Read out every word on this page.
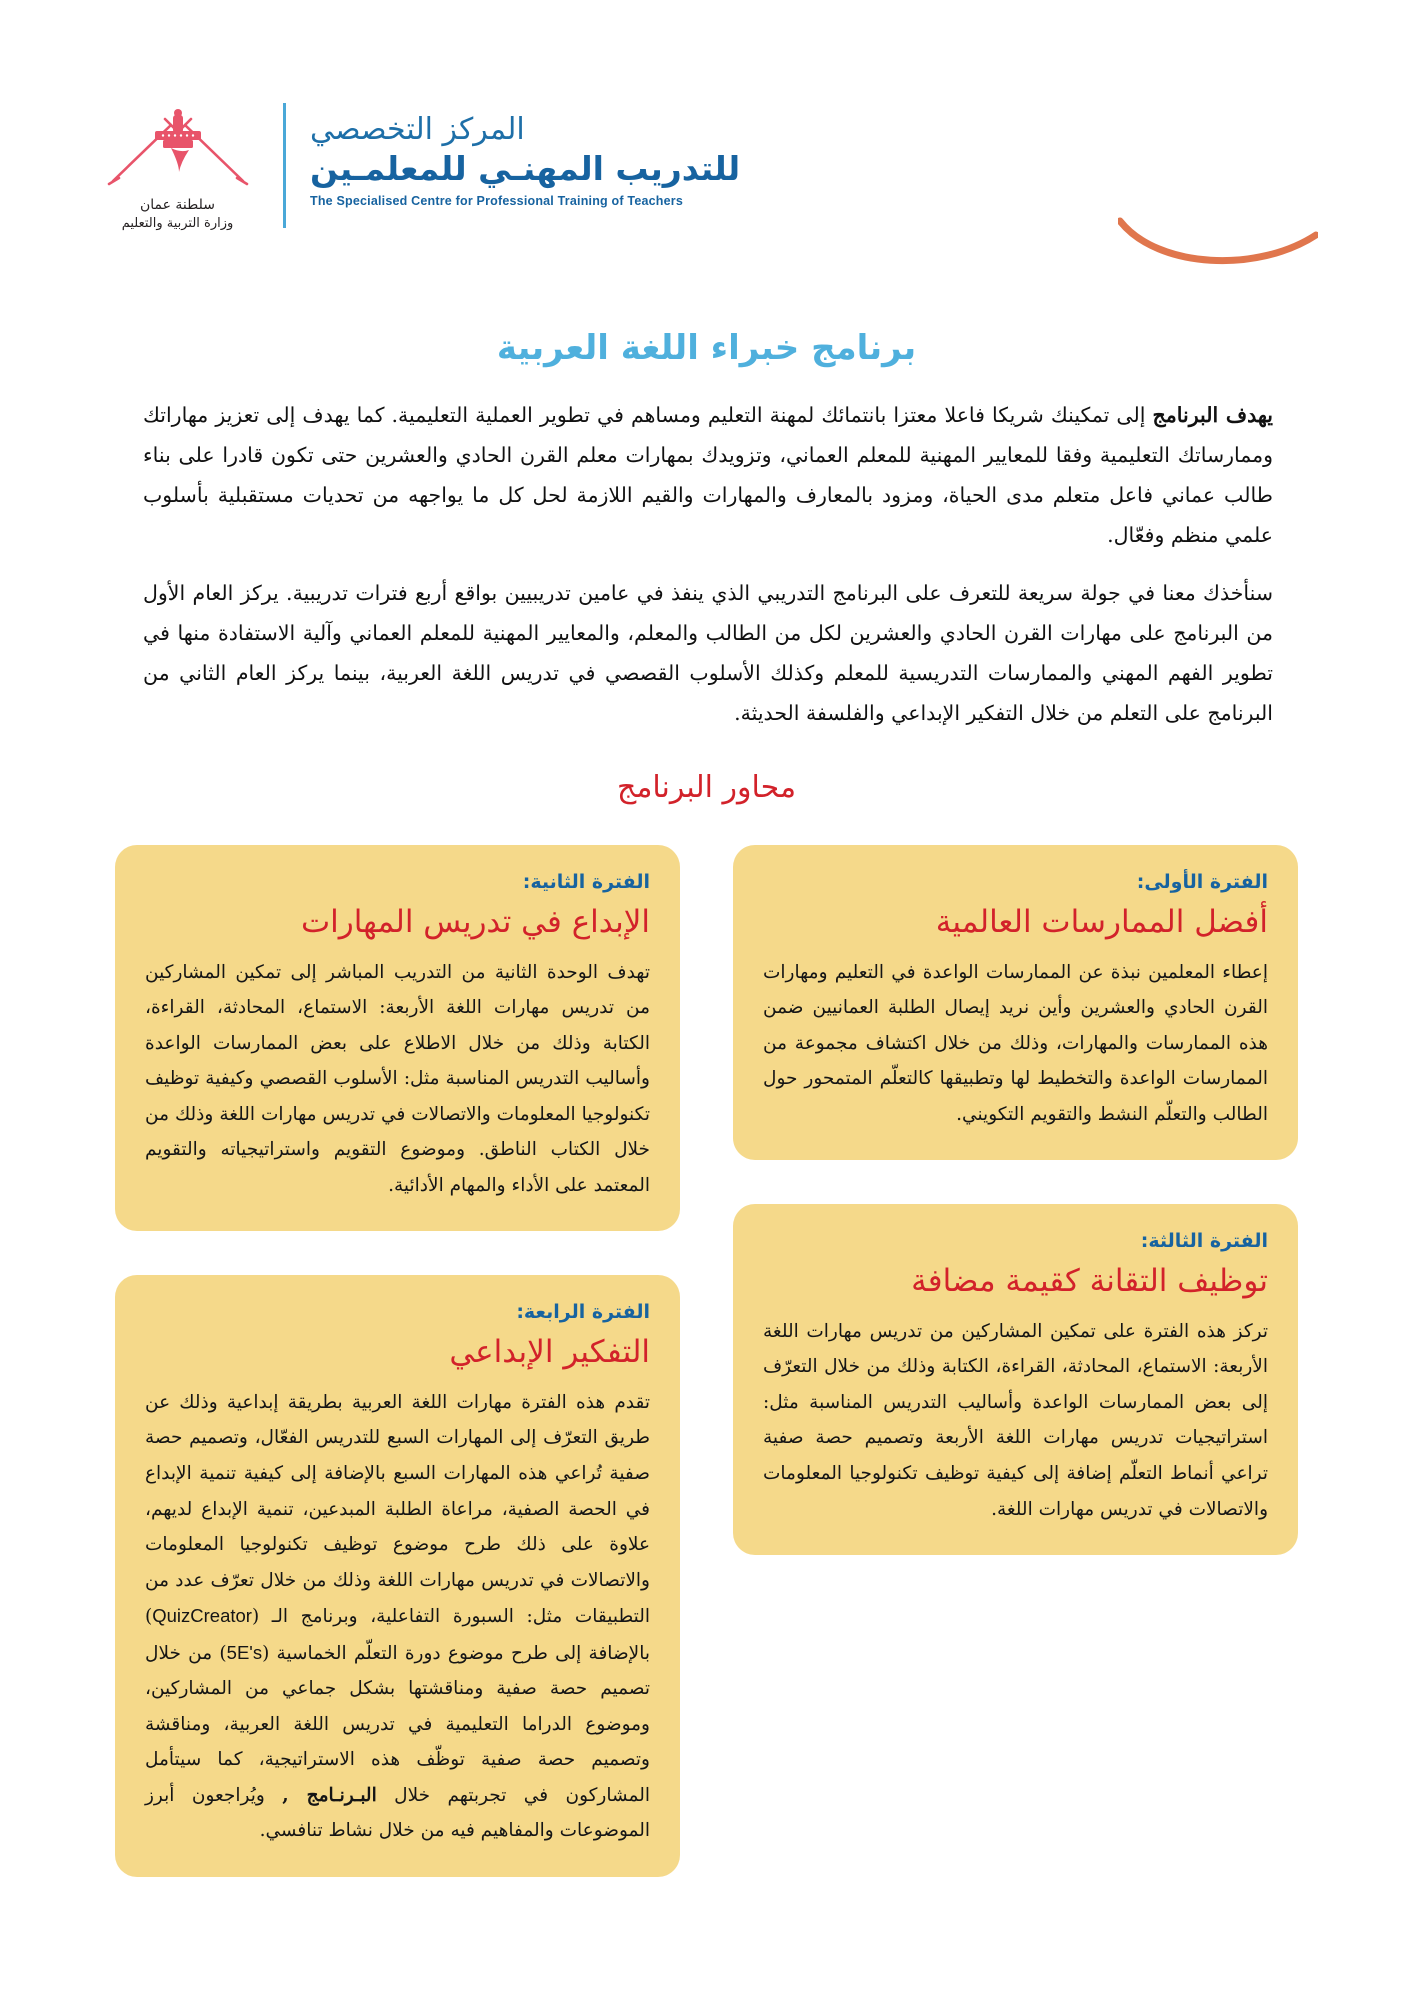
المركز التخصصي
للتدريب المهنـي للمعلمـين
The Specialised Centre for Professional Training of Teachers
سلطنة عمان
وزارة التربية والتعليم
برنامج خبراء اللغة العربية

يهدف البرنامج إلى تمكينك شريكا فاعلا معتزا بانتمائك لمهنة التعليم ومساهم في تطوير العملية التعليمية. كما يهدف إلى تعزيز مهاراتك وممارساتك التعليمية وفقا للمعايير المهنية للمعلم العماني، وتزويدك بمهارات معلم القرن الحادي والعشرين حتى تكون قادرا على بناء طالب عماني فاعل متعلم مدى الحياة، ومزود بالمعارف والمهارات والقيم اللازمة لحل كل ما يواجهه من تحديات مستقبلية بأسلوب علمي منظم وفعّال.

سنأخذك معنا في جولة سريعة للتعرف على البرنامج التدريبي الذي ينفذ في عامين تدريبيين بواقع أربع فترات تدريبية. يركز العام الأول من البرنامج على مهارات القرن الحادي والعشرين لكل من الطالب والمعلم، والمعايير المهنية للمعلم العماني وآلية الاستفادة منها في تطوير الفهم المهني والممارسات التدريسية للمعلم وكذلك الأسلوب القصصي في تدريس اللغة العربية، بينما يركز العام الثاني من البرنامج على التعلم من خلال التفكير الإبداعي والفلسفة الحديثة.

محاور البرنامج
الفترة الأولى:
أفضل الممارسات العالمية

إعطاء المعلمين نبذة عن الممارسات الواعدة في التعليم ومهارات القرن الحادي والعشرين وأين نريد إيصال الطلبة العمانيين ضمن هذه الممارسات والمهارات، وذلك من خلال اكتشاف مجموعة من الممارسات الواعدة والتخطيط لها وتطبيقها كالتعلّم المتمحور حول الطالب والتعلّم النشط والتقويم التكويني.

الفترة الثالثة:
توظيف التقانة كقيمة مضافة

تركز هذه الفترة على تمكين المشاركين من تدريس مهارات اللغة الأربعة: الاستماع، المحادثة، القراءة، الكتابة وذلك من خلال التعرّف إلى بعض الممارسات الواعدة وأساليب التدريس المناسبة مثل: استراتيجيات تدريس مهارات اللغة الأربعة وتصميم حصة صفية تراعي أنماط التعلّم إضافة إلى كيفية توظيف تكنولوجيا المعلومات والاتصالات في تدريس مهارات اللغة.

الفترة الثانية:
الإبداع في تدريس المهارات

تهدف الوحدة الثانية من التدريب المباشر إلى تمكين المشاركين من تدريس مهارات اللغة الأربعة: الاستماع، المحادثة، القراءة، الكتابة وذلك من خلال الاطلاع على بعض الممارسات الواعدة وأساليب التدريس المناسبة مثل: الأسلوب القصصي وكيفية توظيف تكنولوجيا المعلومات والاتصالات في تدريس مهارات اللغة وذلك من خلال الكتاب الناطق. وموضوع التقويم واستراتيجياته والتقويم المعتمد على الأداء والمهام الأدائية.

الفترة الرابعة:
التفكير الإبداعي

تقدم هذه الفترة مهارات اللغة العربية بطريقة إبداعية وذلك عن طريق التعرّف إلى المهارات السبع للتدريس الفعّال، وتصميم حصة صفية تُراعي هذه المهارات السبع بالإضافة إلى كيفية تنمية الإبداع في الحصة الصفية، مراعاة الطلبة المبدعين، تنمية الإبداع لديهم، علاوة على ذلك طرح موضوع توظيف تكنولوجيا المعلومات والاتصالات في تدريس مهارات اللغة وذلك من خلال تعرّف عدد من التطبيقات مثل: السبورة التفاعلية، وبرنامج الـ (QuizCreator) بالإضافة إلى طرح موضوع دورة التعلّم الخماسية (5E's) من خلال تصميم حصة صفية ومناقشتها بشكل جماعي من المشاركين، وموضوع الدراما التعليمية في تدريس اللغة العربية، ومناقشة وتصميم حصة صفية توظّف هذه الاستراتيجية، كما سيتأمل المشاركون في تجربتهم خلال البـرنـامج , ويُراجعون أبرز الموضوعات والمفاهيم فيه من خلال نشاط تنافسي.
